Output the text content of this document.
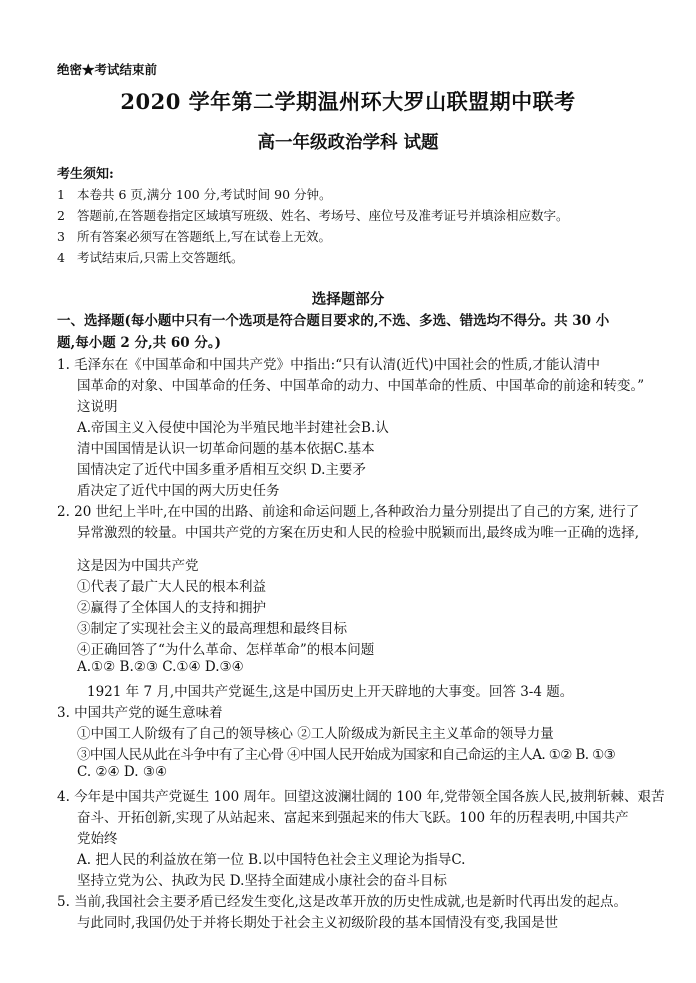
绝密★考试结束前
2020 学年第二学期温州环大罗山联盟期中联考
高一年级政治学科 试题
考生须知:
1 本卷共 6 页,满分 100 分,考试时间 90 分钟。
2 答题前,在答题卷指定区域填写班级、姓名、考场号、座位号及准考证号并填涂相应数字。
3 所有答案必须写在答题纸上,写在试卷上无效。
4 考试结束后,只需上交答题纸。
选择题部分
一、选择题(每小题中只有一个选项是符合题目要求的,不选、多选、错选均不得分。共 30 小
题,每小题 2 分,共 60 分。)
1. 毛泽东在《中国革命和中国共产党》中指出:“只有认清(近代)中国社会的性质,才能认清中
国革命的对象、中国革命的任务、中国革命的动力、中国革命的性质、中国革命的前途和转变。”
这说明
A.帝国主义入侵使中国沦为半殖民地半封建社会B.认
清中国国情是认识一切革命问题的基本依据C.基本
国情决定了近代中国多重矛盾相互交织 D.主要矛
盾决定了近代中国的两大历史任务
2. 20 世纪上半叶,在中国的出路、前途和命运问题上,各种政治力量分别提出了自己的方案, 进行了
异常激烈的较量。中国共产党的方案在历史和人民的检验中脱颖而出,最终成为唯一正确的选择,
这是因为中国共产党
①代表了最广大人民的根本利益
②赢得了全体国人的支持和拥护
③制定了实现社会主义的最高理想和最终目标
④正确回答了“为什么革命、怎样革命”的根本问题
A.①② B.②③ C.①④ D.③④
1921 年 7 月,中国共产党诞生,这是中国历史上开天辟地的大事变。回答 3-4 题。
3. 中国共产党的诞生意味着
①中国工人阶级有了自己的领导核心 ②工人阶级成为新民主主义革命的领导力量
③中国人民从此在斗争中有了主心骨 ④中国人民开始成为国家和自己命运的主人A. ①② B. ①③
C. ②④ D. ③④
4. 今年是中国共产党诞生 100 周年。回望这波澜壮阔的 100 年,党带领全国各族人民,披荆斩棘、艰苦
奋斗、开拓创新,实现了从站起来、富起来到强起来的伟大飞跃。100 年的历程表明,中国共产
党始终
A. 把人民的利益放在第一位 B.以中国特色社会主义理论为指导C.
坚持立党为公、执政为民 D.坚持全面建成小康社会的奋斗目标
5. 当前,我国社会主要矛盾已经发生变化,这是改革开放的历史性成就,也是新时代再出发的起点。
与此同时,我国仍处于并将长期处于社会主义初级阶段的基本国情没有变,我国是世
